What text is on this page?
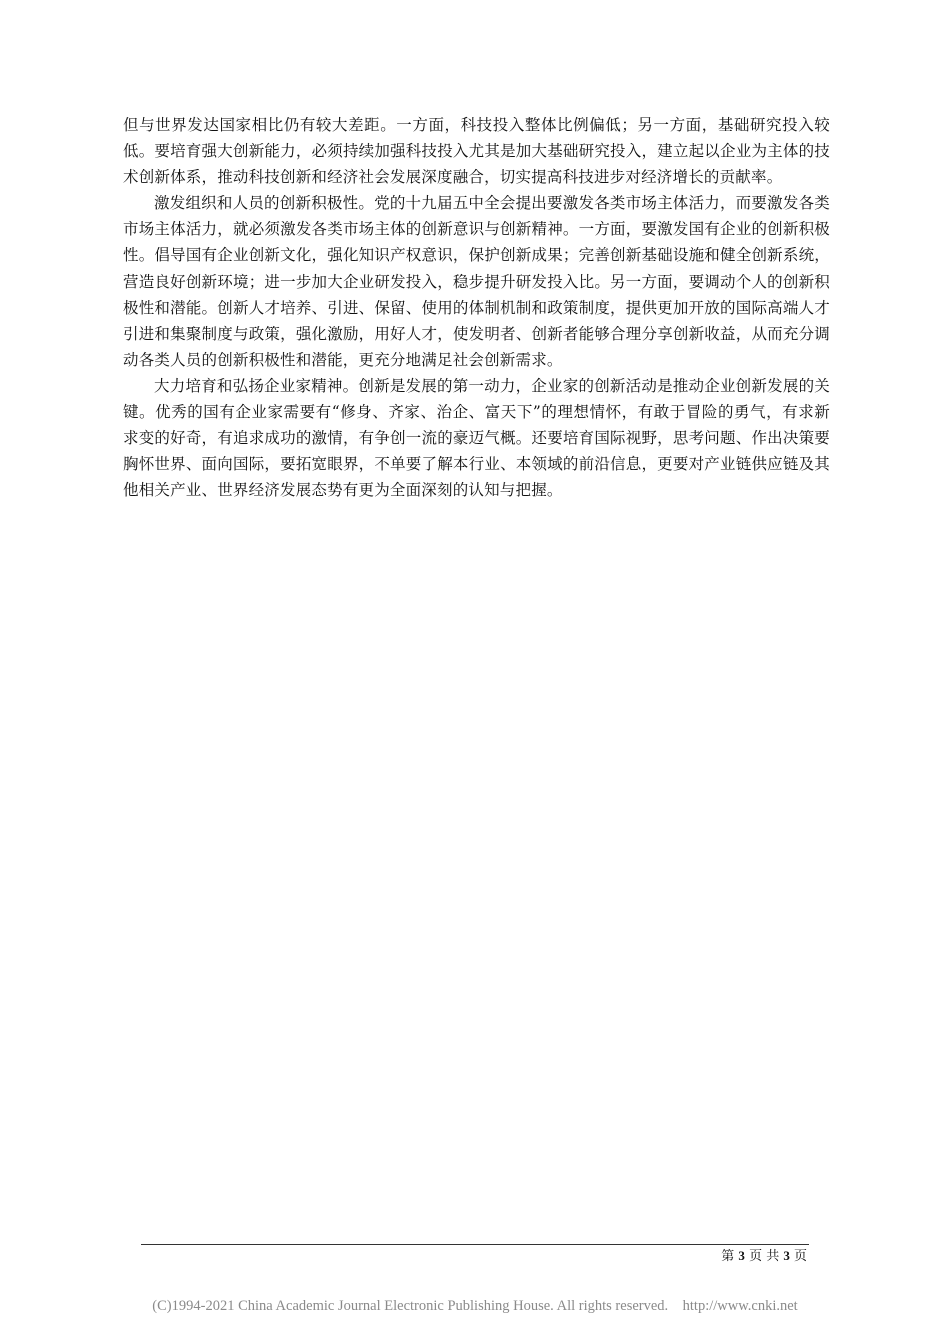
但与世界发达国家相比仍有较大差距。一方面，科技投入整体比例偏低；另一方面，基础研究投入较低。要培育强大创新能力，必须持续加强科技投入尤其是加大基础研究投入，建立起以企业为主体的技术创新体系，推动科技创新和经济社会发展深度融合，切实提高科技进步对经济增长的贡献率。

激发组织和人员的创新积极性。党的十九届五中全会提出要激发各类市场主体活力，而要激发各类市场主体活力，就必须激发各类市场主体的创新意识与创新精神。一方面，要激发国有企业的创新积极性。倡导国有企业创新文化，强化知识产权意识，保护创新成果；完善创新基础设施和健全创新系统，营造良好创新环境；进一步加大企业研发投入，稳步提升研发投入比。另一方面，要调动个人的创新积极性和潜能。创新人才培养、引进、保留、使用的体制机制和政策制度，提供更加开放的国际高端人才引进和集聚制度与政策，强化激励，用好人才，使发明者、创新者能够合理分享创新收益，从而充分调动各类人员的创新积极性和潜能，更充分地满足社会创新需求。

大力培育和弘扬企业家精神。创新是发展的第一动力，企业家的创新活动是推动企业创新发展的关键。优秀的国有企业家需要有“修身、齐家、治企、富天下”的理想情怀，有敢于冒险的勇气，有求新求变的好奇，有追求成功的激情，有争创一流的豪迈气概。还要培育国际视野，思考问题、作出决策要胸怀世界、面向国际，要拓宽眼界，不单要了解本行业、本领域的前沿信息，更要对产业链供应链及其他相关产业、世界经济发展态势有更为全面深刻的认知与把握。

第 3 页 共 3 页
(C)1994-2021 China Academic Journal Electronic Publishing House. All rights reserved.    http://www.cnki.net
